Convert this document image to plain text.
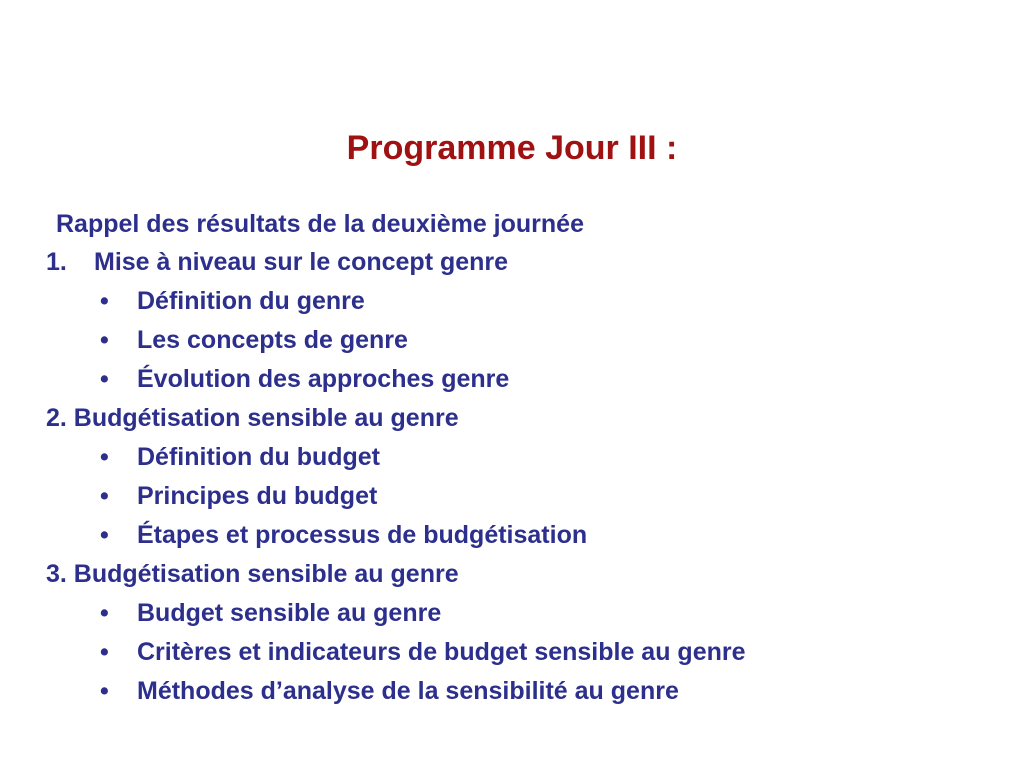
Programme Jour III :
Rappel des résultats de la deuxième journée
1. Mise à niveau sur le concept genre
• Définition du genre
• Les concepts de genre
• Évolution des approches genre
2. Budgétisation sensible au genre
• Définition du budget
• Principes du budget
• Étapes et processus de budgétisation
3. Budgétisation sensible au genre
• Budget sensible au genre
• Critères et indicateurs de budget sensible au genre
• Méthodes d’analyse de la sensibilité au genre
